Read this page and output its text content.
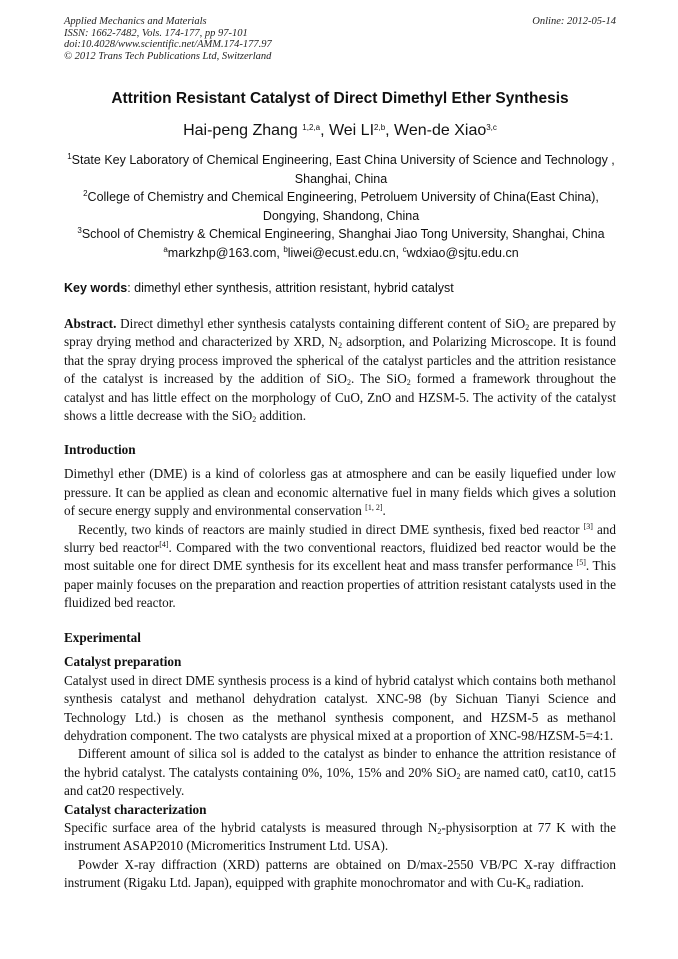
Applied Mechanics and Materials
ISSN: 1662-7482, Vols. 174-177, pp 97-101
doi:10.4028/www.scientific.net/AMM.174-177.97
© 2012 Trans Tech Publications Ltd, Switzerland
Online: 2012-05-14
Attrition Resistant Catalyst of Direct Dimethyl Ether Synthesis
Hai-peng Zhang $^{1,2,a}$, Wei LI$^{2,b}$, Wen-de Xiao$^{3,c}$
$^1$State Key Laboratory of Chemical Engineering, East China University of Science and Technology ,
Shanghai, China
$^2$College of Chemistry and Chemical Engineering, Petroluem University of China(East China),
Dongying, Shandong, China
$^3$School of Chemistry & Chemical Engineering, Shanghai Jiao Tong University, Shanghai, China
$^a$markzhp@163.com, $^b$liwei@ecust.edu.cn, $^c$wdxiao@sjtu.edu.cn
Key words: dimethyl ether synthesis, attrition resistant, hybrid catalyst

Abstract. Direct dimethyl ether synthesis catalysts containing different content of SiO$_2$ are prepared by spray drying method and characterized by XRD, $N_2$ adsorption, and Polarizing Microscope. It is found that the spray drying process improved the spherical of the catalyst particles and the attrition resistance of the catalyst is increased by the addition of SiO$_2$. The SiO$_2$ formed a framework throughout the catalyst and has little effect on the morphology of CuO, ZnO and HZSM-5. The activity of the catalyst shows a little decrease with the SiO$_2$ addition.

Introduction

Dimethyl ether (DME) is a kind of colorless gas at atmosphere and can be easily liquefied under low pressure. It can be applied as clean and economic alternative fuel in many fields which gives a solution of secure energy supply and environmental conservation [1, 2].

Recently, two kinds of reactors are mainly studied in direct DME synthesis, fixed bed reactor [3] and slurry bed reactor[4]. Compared with the two conventional reactors, fluidized bed reactor would be the most suitable one for direct DME synthesis for its excellent heat and mass transfer performance [5]. This paper mainly focuses on the preparation and reaction properties of attrition resistant catalysts used in the fluidized bed reactor.

Experimental

Catalyst preparation

Catalyst used in direct DME synthesis process is a kind of hybrid catalyst which contains both methanol synthesis catalyst and methanol dehydration catalyst. XNC-98 (by Sichuan Tianyi Science and Technology Ltd.) is chosen as the methanol synthesis component, and HZSM-5 as methanol dehydration component. The two catalysts are physical mixed at a proportion of XNC-98/HZSM-5=4:1.

Different amount of silica sol is added to the catalyst as binder to enhance the attrition resistance of the hybrid catalyst. The catalysts containing 0%, 10%, 15% and 20% SiO$_2$ are named cat0, cat10, cat15 and cat20 respectively.

Catalyst characterization

Specific surface area of the hybrid catalysts is measured through $N_2$-physisorption at 77 K with the instrument ASAP2010 (Micromeritics Instrument Ltd. USA).

Powder X-ray diffraction (XRD) patterns are obtained on D/max-2550 VB/PC X-ray diffraction instrument (Rigaku Ltd. Japan), equipped with graphite monochromator and with $Cu-K_\alpha$ radiation.
